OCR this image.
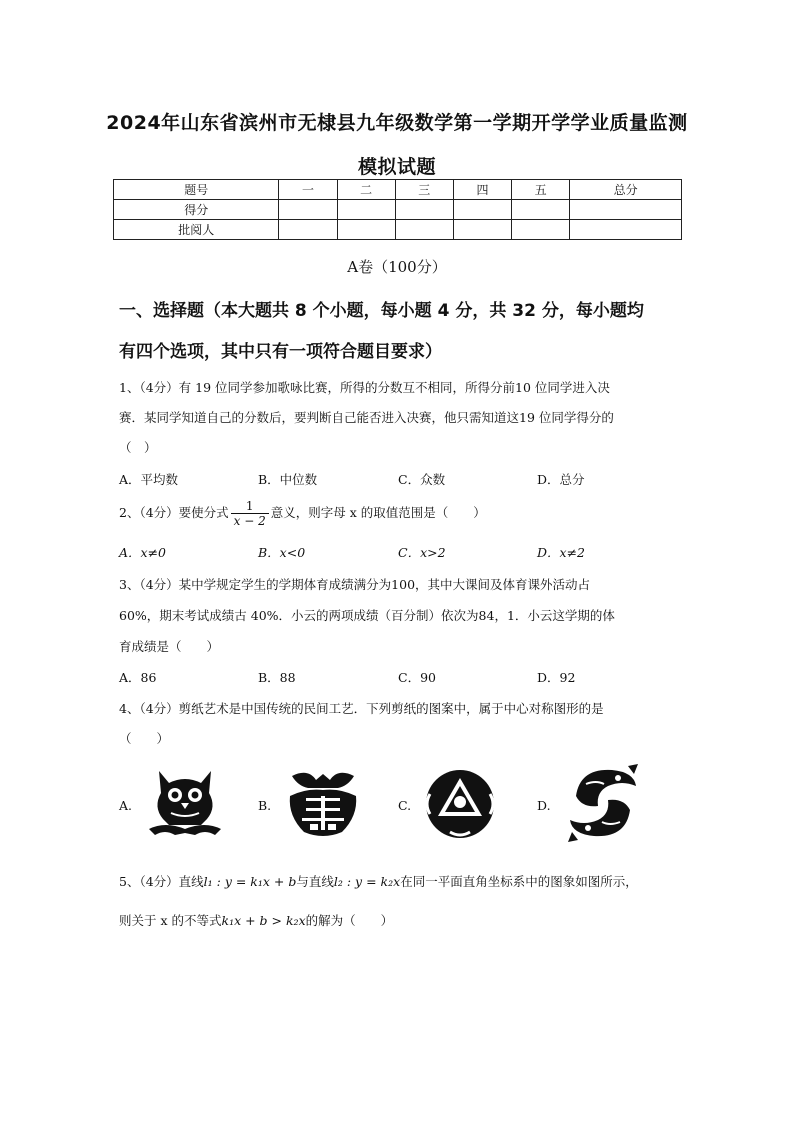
2024年山东省滨州市无棣县九年级数学第一学期开学学业质量监测
模拟试题
题号	一	二	三	四	五	总分
得分						
批阅人						
A卷（100分）
一、选择题（本大题共 8 个小题，每小题 4 分，共 32 分，每小题均
有四个选项，其中只有一项符合题目要求）
1、（4分）有 19 位同学参加歌咏比赛，所得的分数互不相同，所得分前10 位同学进入决
赛．某同学知道自己的分数后，要判断自己能否进入决赛，他只需知道这19 位同学得分的
（　）
A．平均数	B．中位数	C．众数	D．总分
2、（4分）要使分式 $\frac{1}{x - 2}$ 意义，则字母 x 的取值范围是（　　）
A．x≠0	B．x<0	C．x>2	D．x≠2
3、（4分）某中学规定学生的学期体育成绩满分为100，其中大课间及体育课外活动占
60%，期末考试成绩古 40%．小云的两项成绩（百分制）依次为84，1．小云这学期的体
育成绩是（　　）
A．86	B．88	C．90	D．92
4、（4分）剪纸艺术是中国传统的民间工艺．下列剪纸的图案中，属于中心对称图形的是
（　　）
A.	B.	C.	D.
5、（4分）直线l₁ : y = k₁x + b与直线l₂ : y = k₂x在同一平面直角坐标系中的图象如图所示，
则关于 x 的不等式k₁x + b > k₂x的解为（　　）
